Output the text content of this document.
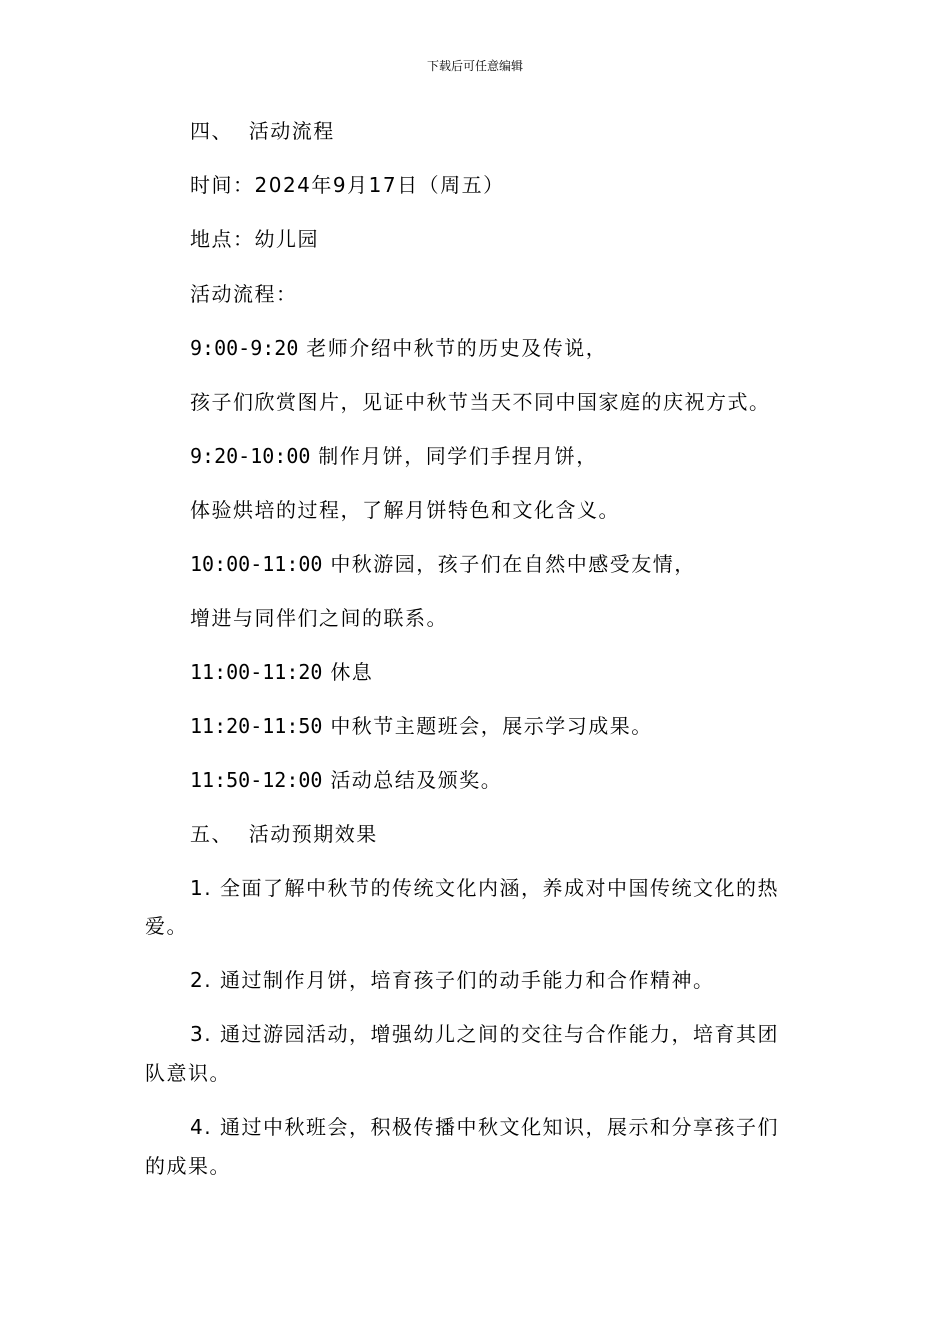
下载后可任意编辑
四、 活动流程
时间：2024年9月17日（周五）
地点：幼儿园
活动流程：
9:00-9:20 老师介绍中秋节的历史及传说，
孩子们欣赏图片，见证中秋节当天不同中国家庭的庆祝方式。
9:20-10:00 制作月饼，同学们手捏月饼，
体验烘培的过程，了解月饼特色和文化含义。
10:00-11:00 中秋游园，孩子们在自然中感受友情，
增进与同伴们之间的联系。
11:00-11:20 休息
11:20-11:50 中秋节主题班会，展示学习成果。
11:50-12:00 活动总结及颁奖。
五、 活动预期效果
1. 全面了解中秋节的传统文化内涵，养成对中国传统文化的热
爱。
2. 通过制作月饼，培育孩子们的动手能力和合作精神。
3. 通过游园活动，增强幼儿之间的交往与合作能力，培育其团
队意识。
4. 通过中秋班会，积极传播中秋文化知识，展示和分享孩子们
的成果。
